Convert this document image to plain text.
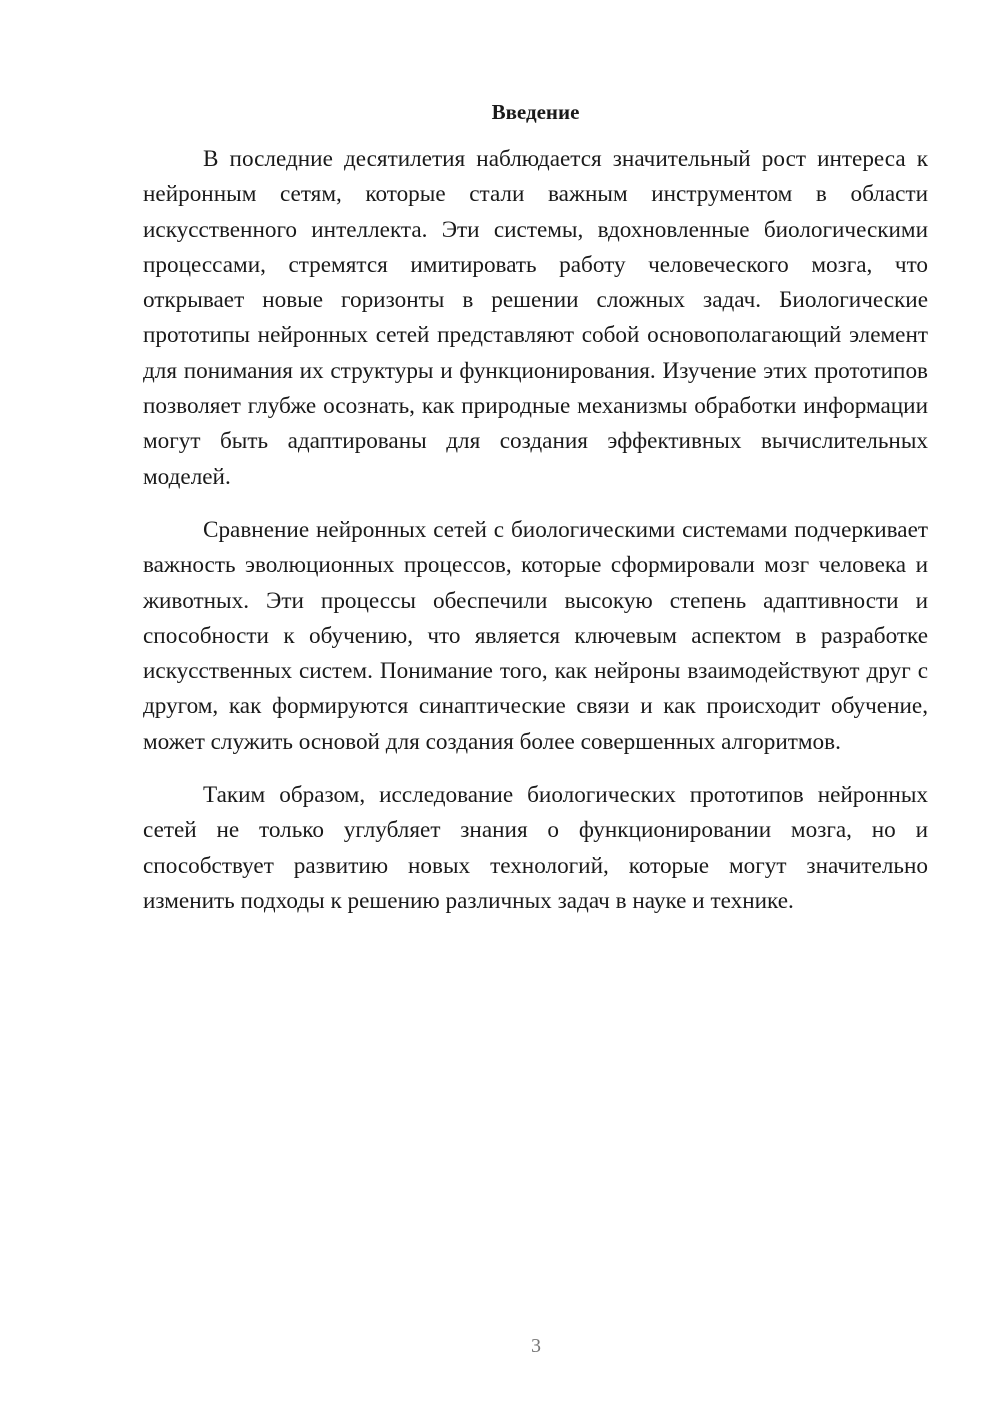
Введение

В последние десятилетия наблюдается значительный рост интереса к нейронным сетям, которые стали важным инструментом в области искусственного интеллекта. Эти системы, вдохновленные биологическими процессами, стремятся имитировать работу человеческого мозга, что открывает новые горизонты в решении сложных задач. Биологические прототипы нейронных сетей представляют собой основополагающий элемент для понимания их структуры и функционирования. Изучение этих прототипов позволяет глубже осознать, как природные механизмы обработки информации могут быть адаптированы для создания эффективных вычислительных моделей.

Сравнение нейронных сетей с биологическими системами подчеркивает важность эволюционных процессов, которые сформировали мозг человека и животных. Эти процессы обеспечили высокую степень адаптивности и способности к обучению, что является ключевым аспектом в разработке искусственных систем. Понимание того, как нейроны взаимодействуют друг с другом, как формируются синаптические связи и как происходит обучение, может служить основой для создания более совершенных алгоритмов.

Таким образом, исследование биологических прототипов нейронных сетей не только углубляет знания о функционировании мозга, но и способствует развитию новых технологий, которые могут значительно изменить подходы к решению различных задач в науке и технике.

3
